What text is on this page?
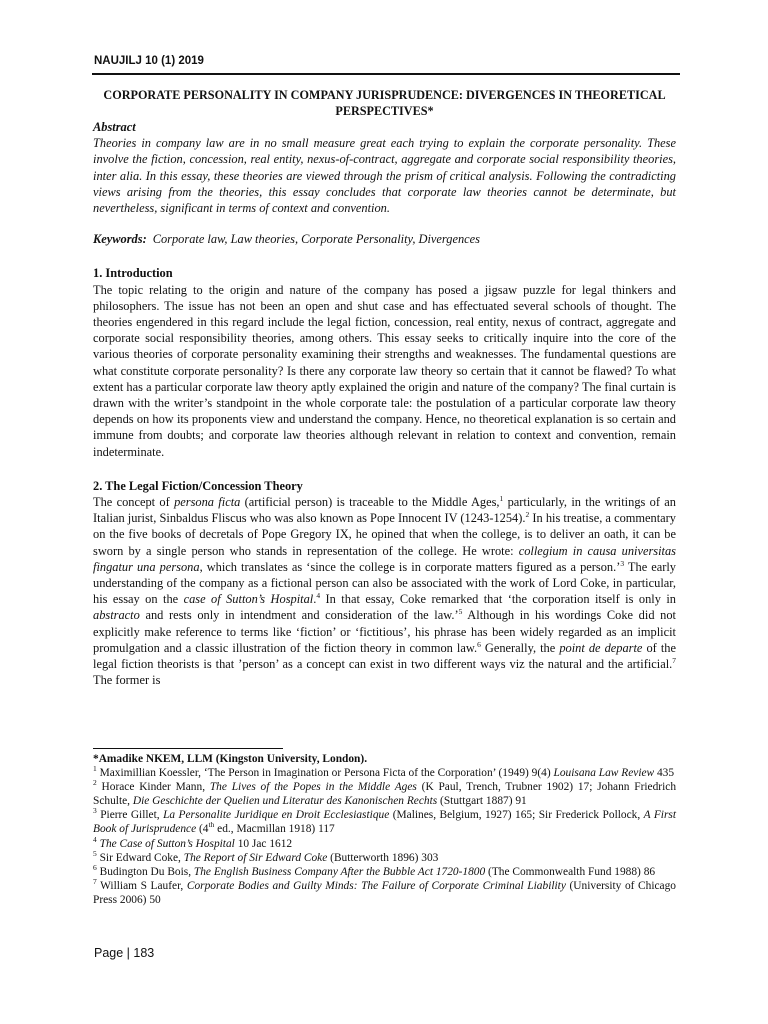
NAUJILJ 10 (1) 2019

CORPORATE PERSONALITY IN COMPANY JURISPRUDENCE: DIVERGENCES IN THEORETICAL PERSPECTIVES*

Abstract

Theories in company law are in no small measure great each trying to explain the corporate personality. These involve the fiction, concession, real entity, nexus-of-contract, aggregate and corporate social responsibility theories, inter alia. In this essay, these theories are viewed through the prism of critical analysis. Following the contradicting views arising from the theories, this essay concludes that corporate law theories cannot be determinate, but nevertheless, significant in terms of context and convention.

Keywords: Corporate law, Law theories, Corporate Personality, Divergences

1. Introduction

The topic relating to the origin and nature of the company has posed a jigsaw puzzle for legal thinkers and philosophers. The issue has not been an open and shut case and has effectuated several schools of thought. The theories engendered in this regard include the legal fiction, concession, real entity, nexus of contract, aggregate and corporate social responsibility theories, among others. This essay seeks to critically inquire into the core of the various theories of corporate personality examining their strengths and weaknesses. The fundamental questions are what constitute corporate personality? Is there any corporate law theory so certain that it cannot be flawed? To what extent has a particular corporate law theory aptly explained the origin and nature of the company? The final curtain is drawn with the writer’s standpoint in the whole corporate tale: the postulation of a particular corporate law theory depends on how its proponents view and understand the company. Hence, no theoretical explanation is so certain and immune from doubts; and corporate law theories although relevant in relation to context and convention, remain indeterminate.

2. The Legal Fiction/Concession Theory

The concept of persona ficta (artificial person) is traceable to the Middle Ages,$^1$ particularly, in the writings of an Italian jurist, Sinbaldus Fliscus who was also known as Pope Innocent IV (1243-1254).$^2$ In his treatise, a commentary on the five books of decretals of Pope Gregory IX, he opined that when the college, is to deliver an oath, it can be sworn by a single person who stands in representation of the college. He wrote: collegium in causa universitas fingatur una persona, which translates as ‘since the college is in corporate matters figured as a person.’$^3$ The early understanding of the company as a fictional person can also be associated with the work of Lord Coke, in particular, his essay on the case of Sutton’s Hospital.$^4$ In that essay, Coke remarked that ‘the corporation itself is only in abstracto and rests only in intendment and consideration of the law.’$^5$ Although in his wordings Coke did not explicitly make reference to terms like ‘fiction’ or ‘fictitious’, his phrase has been widely regarded as an implicit promulgation and a classic illustration of the fiction theory in common law.$^6$ Generally, the point de departe of the legal fiction theorists is that ’person’ as a concept can exist in two different ways viz the natural and the artificial.$^7$ The former is

*Amadike NKEM, LLM (Kingston University, London).

$^1$ Maximillian Koessler, ‘The Person in Imagination or Persona Ficta of the Corporation’ (1949) 9(4) Louisana Law Review 435

$^2$ Horace Kinder Mann, The Lives of the Popes in the Middle Ages (K Paul, Trench, Trubner 1902) 17; Johann Friedrich Schulte, Die Geschichte der Quelien und Literatur des Kanonischen Rechts (Stuttgart 1887) 91

$^3$ Pierre Gillet, La Personalite Juridique en Droit Ecclesiastique (Malines, Belgium, 1927) 165; Sir Frederick Pollock, A First Book of Jurisprudence (4th ed., Macmillan 1918) 117

$^4$ The Case of Sutton’s Hospital 10 Jac 1612

$^5$ Sir Edward Coke, The Report of Sir Edward Coke (Butterworth 1896) 303

$^6$ Budington Du Bois, The English Business Company After the Bubble Act 1720-1800 (The Commonwealth Fund 1988) 86

$^7$ William S Laufer, Corporate Bodies and Guilty Minds: The Failure of Corporate Criminal Liability (University of Chicago Press 2006) 50

Page | 183
